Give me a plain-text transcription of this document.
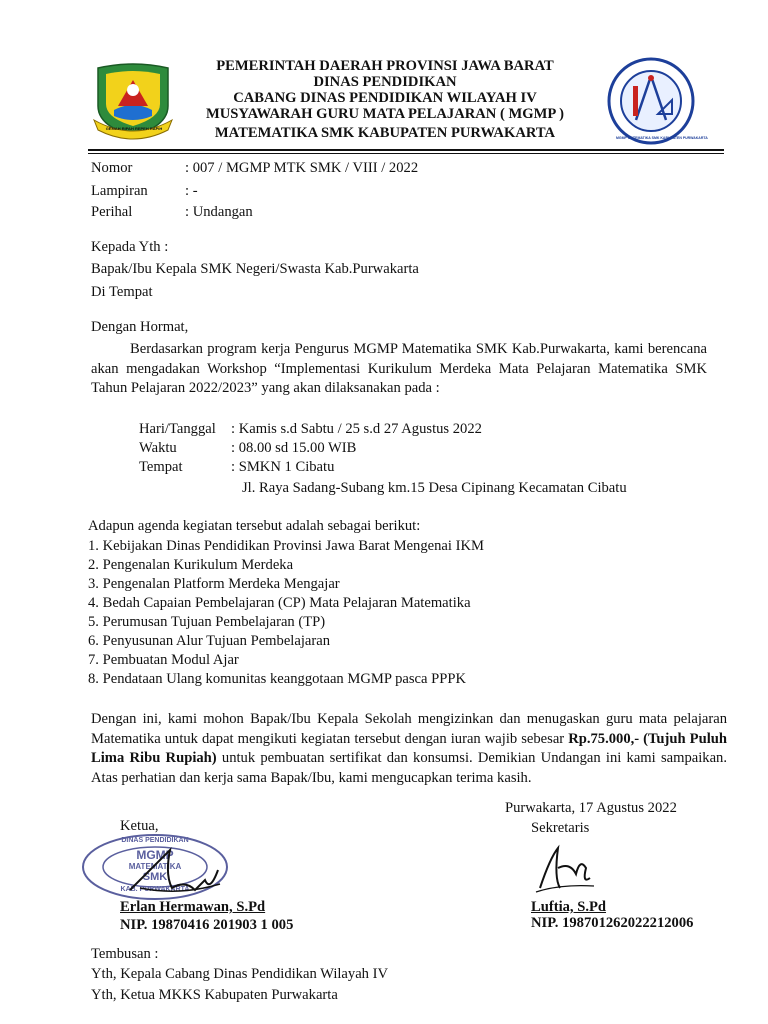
GEMAH RIPAH REPEH RAPIH
MGMP MATEMATIKA SMK KABUPATEN PURWAKARTA
PEMERINTAH DAERAH PROVINSI JAWA BARAT
DINAS PENDIDIKAN
CABANG DINAS PENDIDIKAN WILAYAH IV
MUSYAWARAH GURU MATA PELAJARAN ( MGMP )
MATEMATIKA SMK KABUPATEN PURWAKARTA
Nomor	: 007 / MGMP MTK SMK / VIII / 2022
Lampiran	: -
Perihal	: Undangan
Kepada Yth :
Bapak/Ibu Kepala SMK Negeri/Swasta Kab.Purwakarta
Di Tempat
Dengan Hormat,
Berdasarkan program kerja Pengurus MGMP Matematika SMK Kab.Purwakarta, kami berencana akan mengadakan Workshop “Implementasi Kurikulum Merdeka Mata Pelajaran Matematika SMK Tahun Pelajaran 2022/2023” yang akan dilaksanakan pada :
Hari/Tanggal : Kamis s.d Sabtu / 25 s.d 27 Agustus 2022
Waktu	: 08.00 sd 15.00 WIB
Tempat	: SMKN 1 Cibatu
Jl. Raya Sadang-Subang km.15 Desa Cipinang Kecamatan Cibatu
Adapun agenda kegiatan tersebut adalah sebagai berikut:
1. Kebijakan Dinas Pendidikan Provinsi Jawa Barat Mengenai IKM
2. Pengenalan Kurikulum Merdeka
3. Pengenalan Platform Merdeka Mengajar
4. Bedah Capaian Pembelajaran (CP) Mata Pelajaran Matematika
5. Perumusan Tujuan Pembelajaran (TP)
6. Penyusunan Alur Tujuan Pembelajaran
7. Pembuatan Modul Ajar
8. Pendataan Ulang komunitas keanggotaan MGMP pasca PPPK
Dengan ini, kami mohon Bapak/Ibu Kepala Sekolah mengizinkan dan menugaskan guru mata pelajaran Matematika untuk dapat mengikuti kegiatan tersebut dengan iuran wajib sebesar Rp.75.000,- (Tujuh Puluh Lima Ribu Rupiah) untuk pembuatan sertifikat dan konsumsi. Demikian Undangan ini kami sampaikan. Atas perhatian dan kerja sama Bapak/Ibu, kami mengucapkan terima kasih.
Purwakarta, 17 Agustus 2022
Ketua,	Sekretaris
DINAS PENDIDIKAN
MGMP
MATEMATIKA
SMK
KAB. PURWAKARTA
Erlan Hermawan, S.Pd
NIP. 19870416 201903 1 005
Luftia, S.Pd
NIP. 198701262022212006
Tembusan :
Yth, Kepala Cabang Dinas Pendidikan Wilayah IV
Yth, Ketua MKKS Kabupaten Purwakarta
